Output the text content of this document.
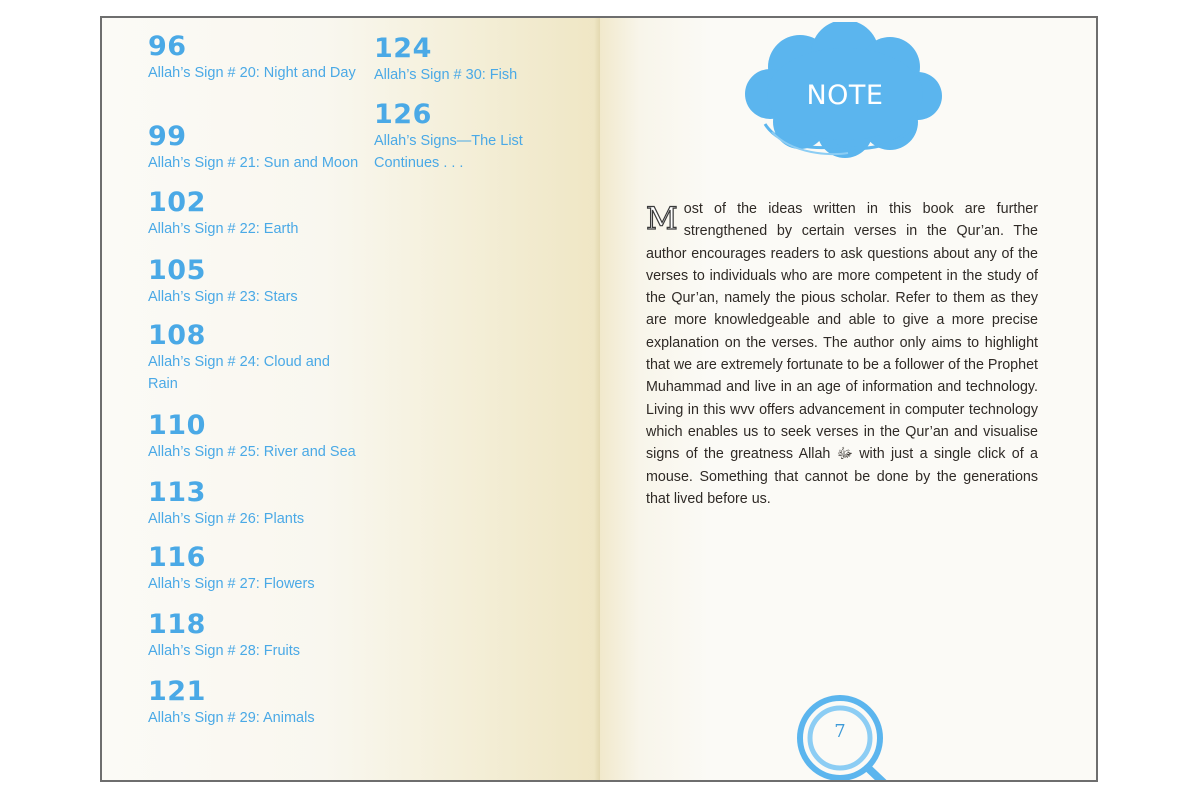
96
Allah’s Sign # 20: Night and Day
99
Allah’s Sign # 21: Sun and Moon
102
Allah’s Sign # 22: Earth
105
Allah’s Sign # 23: Stars
108
Allah’s Sign # 24: Cloud and Rain
110
Allah’s Sign # 25: River and Sea
113
Allah’s Sign # 26: Plants
116
Allah’s Sign # 27: Flowers
118
Allah’s Sign # 28: Fruits
121
Allah’s Sign # 29: Animals
124
Allah’s Sign # 30: Fish
126
Allah’s Signs—The List Continues . . .
NOTE
M ost of the ideas written in this book are further strengthened by certain verses in the Qur’an. The author encourages readers to ask questions about any of the verses to individuals who are more competent in the study of the Qur’an, namely the pious scholar. Refer to them as they are more knowledgeable and able to give a more precise explanation on the verses. The author only aims to highlight that we are extremely fortunate to be a follower of the Prophet Muhammad and live in an age of information and technology. Living in this wvv offers advancement in computer technology which enables us to seek verses in the Qur’an and visualise signs of the greatness Allah ﷻ with just a single click of a mouse. Something that cannot be done by the generations that lived before us.
7
